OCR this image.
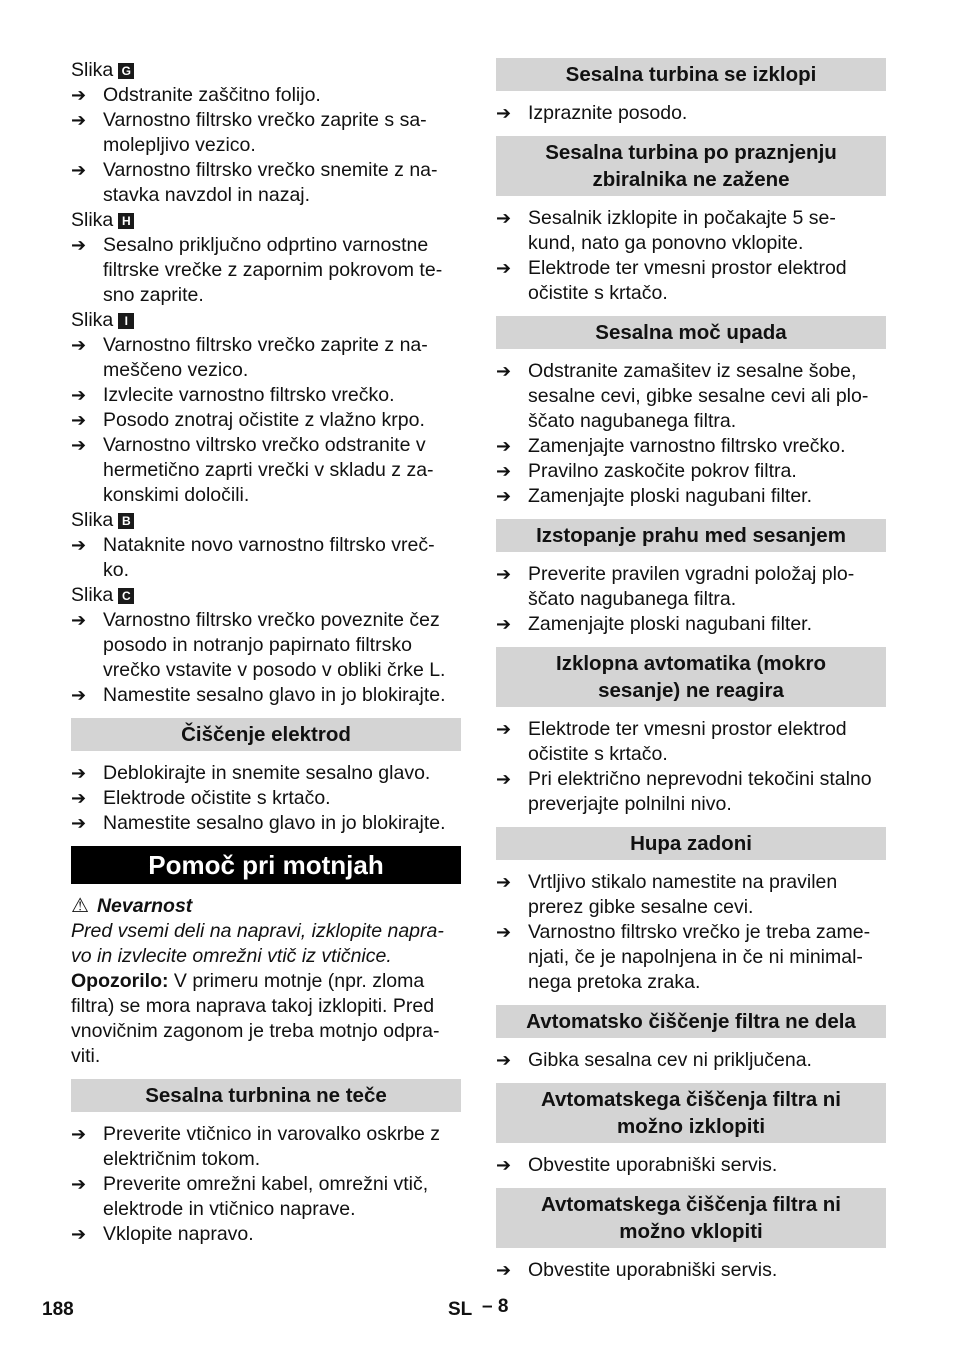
Slika G
➔ Odstranite zaščitno folijo.
➔ Varnostno filtrsko vrečko zaprite s sa-
molepljivo vezico.
➔ Varnostno filtrsko vrečko snemite z na-
stavka navzdol in nazaj.
Slika H
➔ Sesalno priključno odprtino varnostne
filtrske vrečke z zapornim pokrovom te-
sno zaprite.
Slika I
➔ Varnostno filtrsko vrečko zaprite z na-
meščeno vezico.
➔ Izvlecite varnostno filtrsko vrečko.
➔ Posodo znotraj očistite z vlažno krpo.
➔ Varnostno viltrsko vrečko odstranite v
hermetično zaprti vrečki v skladu z za-
konskimi določili.
Slika B
➔ Nataknite novo varnostno filtrsko vreč-
ko.
Slika C
➔ Varnostno filtrsko vrečko poveznite čez
posodo in notranjo papirnato filtrsko
vrečko vstavite v posodo v obliki črke L.
➔ Namestite sesalno glavo in jo blokirajte.
Čiščenje elektrod
➔ Deblokirajte in snemite sesalno glavo.
➔ Elektrode očistite s krtačo.
➔ Namestite sesalno glavo in jo blokirajte.
Pomoč pri motnjah
⚠ Nevarnost
Pred vsemi deli na napravi, izklopite napra-
vo in izvlecite omrežni vtič iz vtičnice.
Opozorilo: V primeru motnje (npr. zloma
filtra) se mora naprava takoj izklopiti. Pred
vnovičnim zagonom je treba motnjo odpra-
viti.
Sesalna turbnina ne teče
➔ Preverite vtičnico in varovalko oskrbe z
električnim tokom.
➔ Preverite omrežni kabel, omrežni vtič,
elektrode in vtičnico naprave.
➔ Vklopite napravo.
Sesalna turbina se izklopi
➔ Izpraznite posodo.
Sesalna turbina po praznjenju
zbiralnika ne zažene
➔ Sesalnik izklopite in počakajte 5 se-
kund, nato ga ponovno vklopite.
➔ Elektrode ter vmesni prostor elektrod
očistite s krtačo.
Sesalna moč upada
➔ Odstranite zamašitev iz sesalne šobe,
sesalne cevi, gibke sesalne cevi ali plo-
ščato nagubanega filtra.
➔ Zamenjajte varnostno filtrsko vrečko.
➔ Pravilno zaskočite pokrov filtra.
➔ Zamenjajte ploski nagubani filter.
Izstopanje prahu med sesanjem
➔ Preverite pravilen vgradni položaj plo-
ščato nagubanega filtra.
➔ Zamenjajte ploski nagubani filter.
Izklopna avtomatika (mokro
sesanje) ne reagira
➔ Elektrode ter vmesni prostor elektrod
očistite s krtačo.
➔ Pri električno neprevodni tekočini stalno
preverjajte polnilni nivo.
Hupa zadoni
➔ Vrtljivo stikalo namestite na pravilen
prerez gibke sesalne cevi.
➔ Varnostno filtrsko vrečko je treba zame-
njati, če je napolnjena in če ni minimal-
nega pretoka zraka.
Avtomatsko čiščenje filtra ne dela
➔ Gibka sesalna cev ni priključena.
Avtomatskega čiščenja filtra ni
možno izklopiti
➔ Obvestite uporabniški servis.
Avtomatskega čiščenja filtra ni
možno vklopiti
➔ Obvestite uporabniški servis.
188	SL – 8
